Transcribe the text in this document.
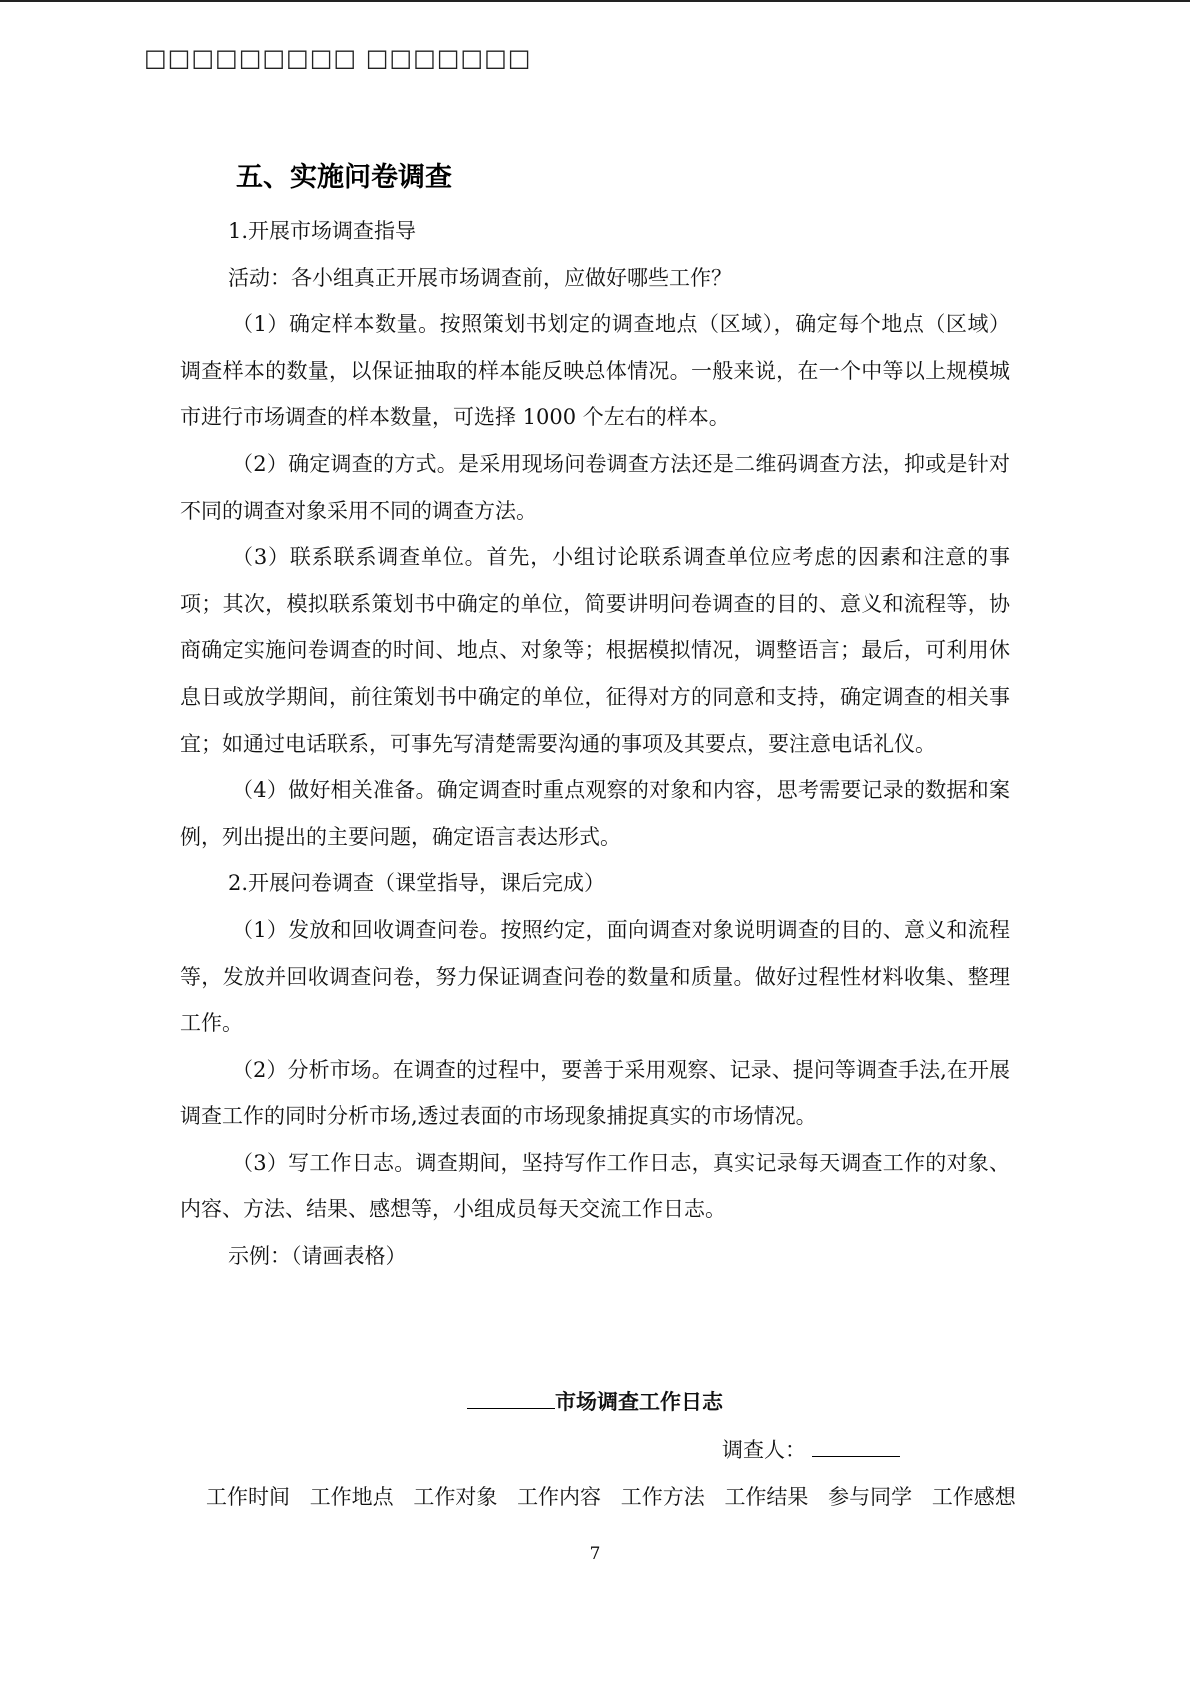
□□□□□□□□□ □□□□□□□
五、实施问卷调查

1.开展市场调查指导

活动：各小组真正开展市场调查前，应做好哪些工作？

（1）确定样本数量。按照策划书划定的调查地点（区域），确定每个地点（区域）调查样本的数量，以保证抽取的样本能反映总体情况。一般来说，在一个中等以上规模城市进行市场调查的样本数量，可选择 1000 个左右的样本。

（2）确定调查的方式。是采用现场问卷调查方法还是二维码调查方法，抑或是针对不同的调查对象采用不同的调查方法。

（3）联系联系调查单位。首先，小组讨论联系调查单位应考虑的因素和注意的事项；其次，模拟联系策划书中确定的单位，简要讲明问卷调查的目的、意义和流程等，协商确定实施问卷调查的时间、地点、对象等；根据模拟情况，调整语言；最后，可利用休息日或放学期间，前往策划书中确定的单位，征得对方的同意和支持，确定调查的相关事宜；如通过电话联系，可事先写清楚需要沟通的事项及其要点，要注意电话礼仪。

（4）做好相关准备。确定调查时重点观察的对象和内容，思考需要记录的数据和案例，列出提出的主要问题，确定语言表达形式。

2.开展问卷调查（课堂指导，课后完成）

（1）发放和回收调查问卷。按照约定，面向调查对象说明调查的目的、意义和流程等，发放并回收调查问卷，努力保证调查问卷的数量和质量。做好过程性材料收集、整理工作。

（2）分析市场。在调查的过程中，要善于采用观察、记录、提问等调查手法,在开展调查工作的同时分析市场,透过表面的市场现象捕捉真实的市场情况。

（3）写工作日志。调查期间，坚持写作工作日志，真实记录每天调查工作的对象、内容、方法、结果、感想等，小组成员每天交流工作日志。

示例：（请画表格）

市场调查工作日志
调查人：
工作时间 工作地点 工作对象 工作内容 工作方法 工作结果 参与同学 工作感想
7
